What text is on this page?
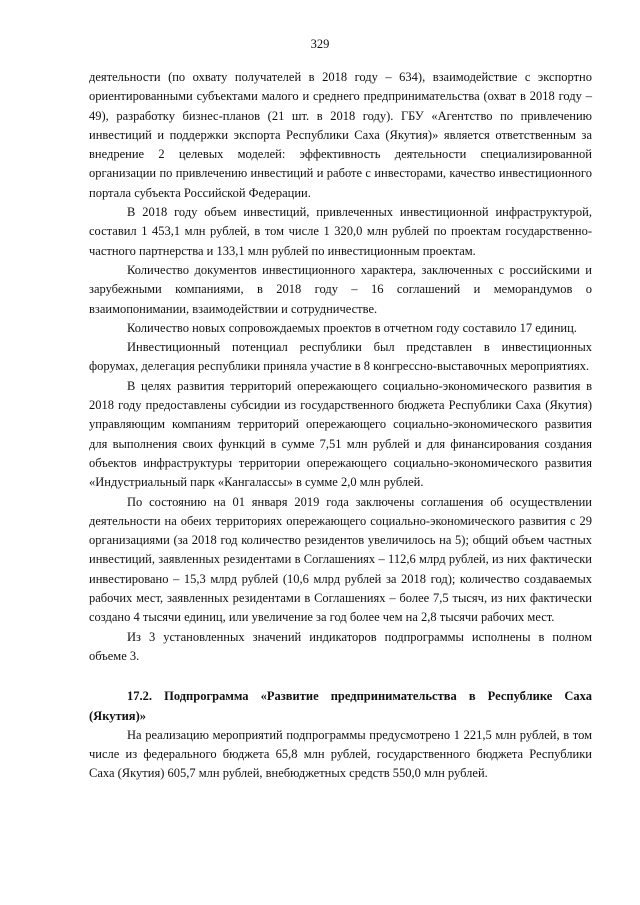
329

деятельности (по охвату получателей в 2018 году – 634), взаимодействие с экспортно ориентированными субъектами малого и среднего предпринимательства (охват в 2018 году – 49), разработку бизнес-планов (21 шт. в 2018 году). ГБУ «Агентство по привлечению инвестиций и поддержки экспорта Республики Саха (Якутия)» является ответственным за внедрение 2 целевых моделей: эффективность деятельности специализированной организации по привлечению инвестиций и работе с инвесторами, качество инвестиционного портала субъекта Российской Федерации.

В 2018 году объем инвестиций, привлеченных инвестиционной инфраструктурой, составил 1 453,1 млн рублей, в том числе 1 320,0 млн рублей по проектам государственно-частного партнерства и 133,1 млн рублей по инвестиционным проектам.

Количество документов инвестиционного характера, заключенных с российскими и зарубежными компаниями, в 2018 году – 16 соглашений и меморандумов о взаимопонимании, взаимодействии и сотрудничестве.

Количество новых сопровождаемых проектов в отчетном году составило 17 единиц.

Инвестиционный потенциал республики был представлен в инвестиционных форумах, делегация республики приняла участие в 8 конгрессно-выставочных мероприятиях.

В целях развития территорий опережающего социально-экономического развития в 2018 году предоставлены субсидии из государственного бюджета Республики Саха (Якутия) управляющим компаниям территорий опережающего социально-экономического развития для выполнения своих функций в сумме 7,51 млн рублей и для финансирования создания объектов инфраструктуры территории опережающего социально-экономического развития «Индустриальный парк «Кангалассы» в сумме 2,0 млн рублей.

По состоянию на 01 января 2019 года заключены соглашения об осуществлении деятельности на обеих территориях опережающего социально-экономического развития с 29 организациями (за 2018 год количество резидентов увеличилось на 5); общий объем частных инвестиций, заявленных резидентами в Соглашениях – 112,6 млрд рублей, из них фактически инвестировано – 15,3 млрд рублей (10,6 млрд рублей за 2018 год); количество создаваемых рабочих мест, заявленных резидентами в Соглашениях – более 7,5 тысяч, из них фактически создано 4 тысячи единиц, или увеличение за год более чем на 2,8 тысячи рабочих мест.

Из 3 установленных значений индикаторов подпрограммы исполнены в полном объеме 3.

17.2. Подпрограмма «Развитие предпринимательства в Республике Саха (Якутия)»

На реализацию мероприятий подпрограммы предусмотрено 1 221,5 млн рублей, в том числе из федерального бюджета 65,8 млн рублей, государственного бюджета Республики Саха (Якутия) 605,7 млн рублей, внебюджетных средств 550,0 млн рублей.
